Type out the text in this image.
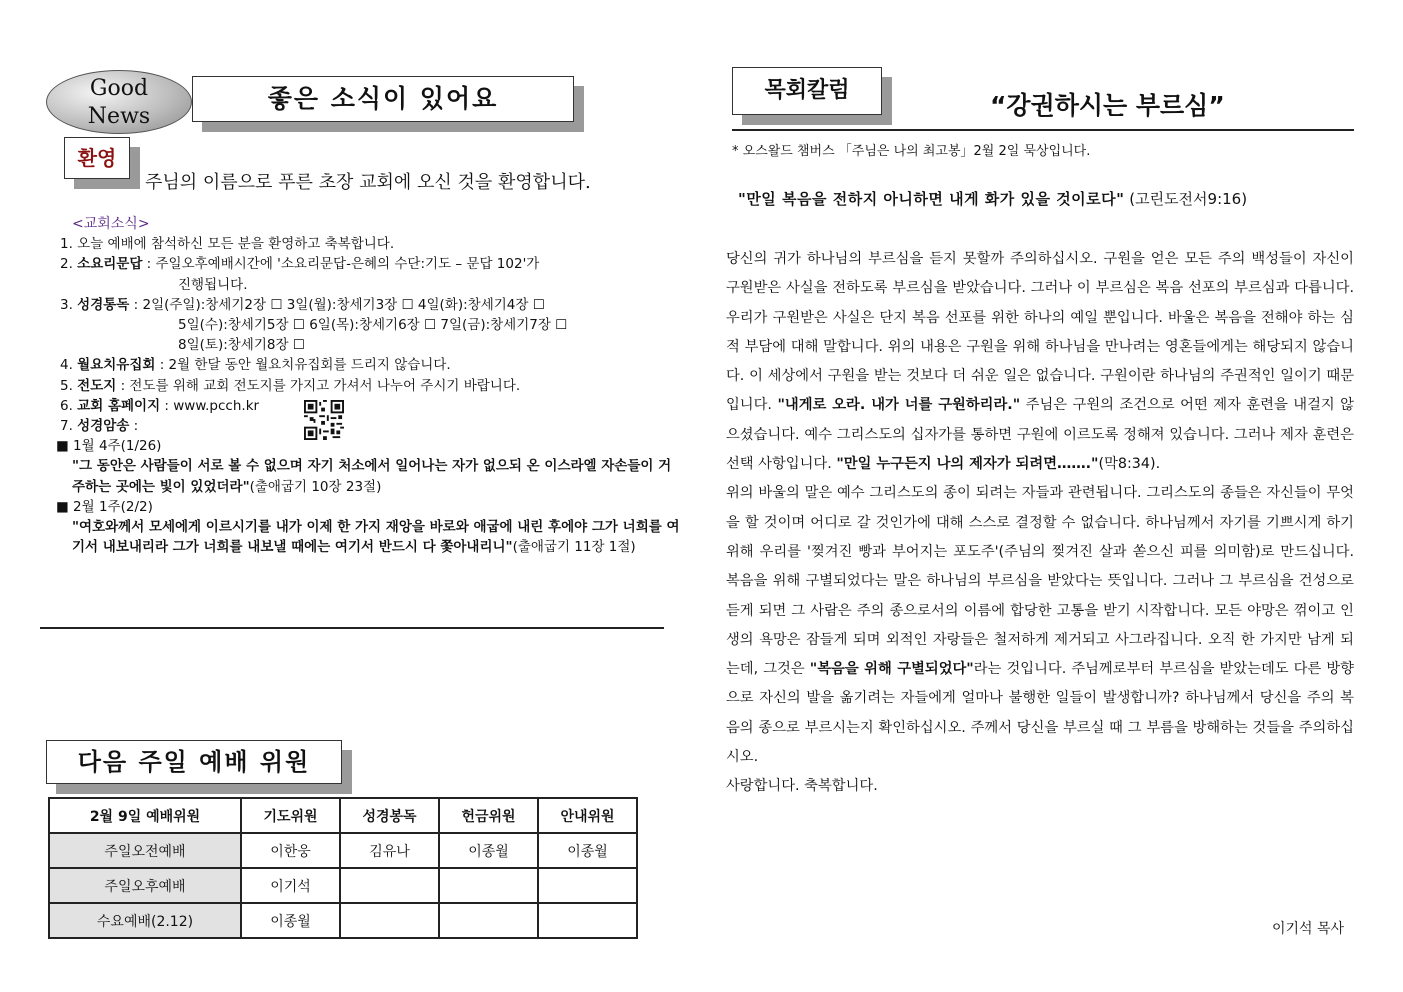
Good
News
좋은 소식이 있어요
환영
주님의 이름으로 푸른 초장 교회에 오신 것을 환영합니다.
<교회소식>
1. 오늘 예배에 참석하신 모든 분을 환영하고 축복합니다.
2. 소요리문답 : 주일오후예배시간에 '소요리문답-은혜의 수단:기도 – 문답 102'가
진행됩니다.
3. 성경통독 : 2일(주일):창세기2장 ☐ 3일(월):창세기3장 ☐ 4일(화):창세기4장 ☐
5일(수):창세기5장 ☐ 6일(목):창세기6장 ☐ 7일(금):창세기7장 ☐
8일(토):창세기8장 ☐
4. 월요치유집회 : 2월 한달 동안 월요치유집회를 드리지 않습니다.
5. 전도지 : 전도를 위해 교회 전도지를 가지고 가셔서 나누어 주시기 바랍니다.
6. 교회 홈페이지 : www.pcch.kr
7. 성경암송 :
■ 1월 4주(1/26)
"그 동안은 사람들이 서로 볼 수 없으며 자기 처소에서 일어나는 자가 없으되 온 이스라엘 자손들이 거주하는 곳에는 빛이 있었더라"(출애굽기 10장 23절)
■ 2월 1주(2/2)
"여호와께서 모세에게 이르시기를 내가 이제 한 가지 재앙을 바로와 애굽에 내린 후에야 그가 너희를 여기서 내보내리라 그가 너희를 내보낼 때에는 여기서 반드시 다 쫓아내리니"(출애굽기 11장 1절)
다음 주일 예배 위원
2월 9일 예배위원	기도위원	성경봉독	헌금위원	안내위원
주일오전예배	이한웅	김유나	이종월	이종월
주일오후예배	이기석			
수요예배(2.12)	이종월			
목회칼럼
“강권하시는 부르심”
* 오스왈드 챔버스 「주님은 나의 최고봉」2월 2일 묵상입니다.
"만일 복음을 전하지 아니하면 내게 화가 있을 것이로다" (고린도전서9:16)
당신의 귀가 하나님의 부르심을 듣지 못할까 주의하십시오. 구원을 얻은 모든 주의 백성들이 자신이 구원받은 사실을 전하도록 부르심을 받았습니다. 그러나 이 부르심은 복음 선포의 부르심과 다릅니다. 우리가 구원받은 사실은 단지 복음 선포를 위한 하나의 예일 뿐입니다. 바울은 복음을 전해야 하는 심적 부담에 대해 말합니다. 위의 내용은 구원을 위해 하나님을 만나려는 영혼들에게는 해당되지 않습니다. 이 세상에서 구원을 받는 것보다 더 쉬운 일은 없습니다. 구원이란 하나님의 주권적인 일이기 때문입니다. "내게로 오라. 내가 너를 구원하리라." 주님은 구원의 조건으로 어떤 제자 훈련을 내걸지 않으셨습니다. 예수 그리스도의 십자가를 통하면 구원에 이르도록 정해져 있습니다. 그러나 제자 훈련은 선택 사항입니다. "만일 누구든지 나의 제자가 되려면……."(막8:34).
위의 바울의 말은 예수 그리스도의 종이 되려는 자들과 관련됩니다. 그리스도의 종들은 자신들이 무엇을 할 것이며 어디로 갈 것인가에 대해 스스로 결정할 수 없습니다. 하나님께서 자기를 기쁘시게 하기 위해 우리를 '찢겨진 빵과 부어지는 포도주'(주님의 찢겨진 살과 쏟으신 피를 의미함)로 만드십니다. 복음을 위해 구별되었다는 말은 하나님의 부르심을 받았다는 뜻입니다. 그러나 그 부르심을 건성으로 듣게 되면 그 사람은 주의 종으로서의 이름에 합당한 고통을 받기 시작합니다. 모든 야망은 꺾이고 인생의 욕망은 잠들게 되며 외적인 자랑들은 철저하게 제거되고 사그라집니다. 오직 한 가지만 남게 되는데, 그것은 "복음을 위해 구별되었다"라는 것입니다. 주님께로부터 부르심을 받았는데도 다른 방향으로 자신의 발을 옮기려는 자들에게 얼마나 불행한 일들이 발생합니까? 하나님께서 당신을 주의 복음의 종으로 부르시는지 확인하십시오. 주께서 당신을 부르실 때 그 부름을 방해하는 것들을 주의하십시오.
사랑합니다. 축복합니다.
이기석 목사
